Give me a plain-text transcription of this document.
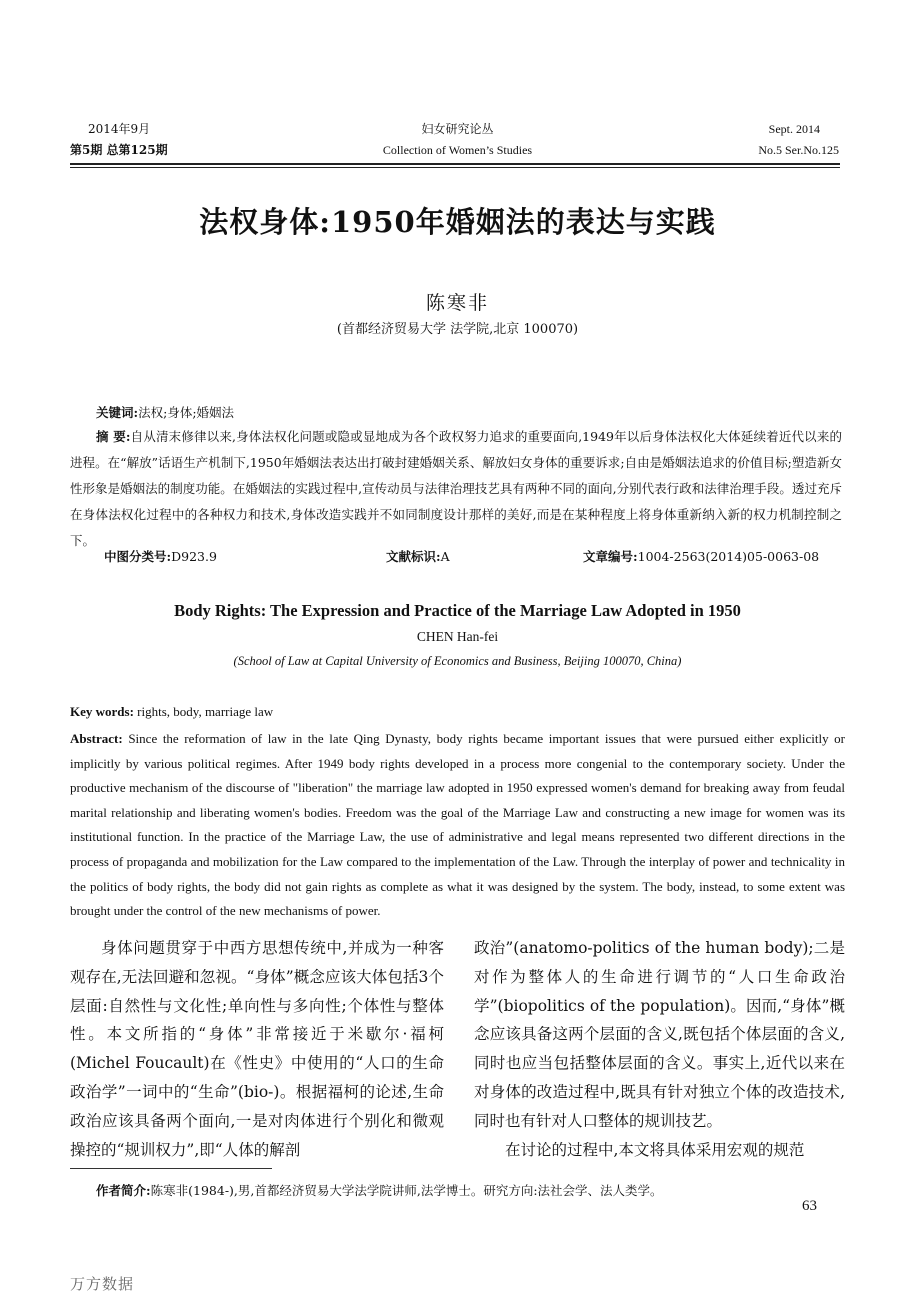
2014年9月
第5期 总第125期
妇女研究论丛
Collection of Women’s Studies
Sept. 2014
No.5 Ser.No.125
法权身体:1950年婚姻法的表达与实践
陈寒非
(首都经济贸易大学 法学院,北京 100070)
关键词:法权;身体;婚姻法
摘 要:自从清末修律以来,身体法权化问题或隐或显地成为各个政权努力追求的重要面向,1949年以后身体法权化大体延续着近代以来的进程。在“解放”话语生产机制下,1950年婚姻法表达出打破封建婚姻关系、解放妇女身体的重要诉求;自由是婚姻法追求的价值目标;塑造新女性形象是婚姻法的制度功能。在婚姻法的实践过程中,宣传动员与法律治理技艺具有两种不同的面向,分别代表行政和法律治理手段。透过充斥在身体法权化过程中的各种权力和技术,身体改造实践并不如同制度设计那样的美好,而是在某种程度上将身体重新纳入新的权力机制控制之下。
中图分类号:D923.9	文献标识:A	文章编号:1004-2563(2014)05-0063-08
Body Rights: The Expression and Practice of the Marriage Law Adopted in 1950
CHEN Han-fei
(School of Law at Capital University of Economics and Business, Beijing 100070, China)
Key words: rights, body, marriage law
Abstract: Since the reformation of law in the late Qing Dynasty, body rights became important issues that were pursued either explicitly or implicitly by various political regimes. After 1949 body rights developed in a process more congenial to the contemporary society. Under the productive mechanism of the discourse of "liberation" the marriage law adopted in 1950 expressed women's demand for breaking away from feudal marital relationship and liberating women's bodies. Freedom was the goal of the Marriage Law and constructing a new image for women was its institutional function. In the practice of the Marriage Law, the use of administrative and legal means represented two different directions in the process of propaganda and mobilization for the Law compared to the implementation of the Law. Through the interplay of power and technicality in the politics of body rights, the body did not gain rights as complete as what it was designed by the system. The body, instead, to some extent was brought under the control of the new mechanisms of power.

身体问题贯穿于中西方思想传统中,并成为一种客观存在,无法回避和忽视。“身体”概念应该大体包括3个层面:自然性与文化性;单向性与多向性;个体性与整体性。本文所指的“身体”非常接近于米歇尔·福柯(Michel Foucault)在《性史》中使用的“人口的生命政治学”一词中的“生命”(bio-)。根据福柯的论述,生命政治应该具备两个面向,一是对肉体进行个别化和微观操控的“规训权力”,即“人体的解剖

政治”(anatomo-politics of the human body);二是对作为整体人的生命进行调节的“人口生命政治学”(biopolitics of the population)。因而,“身体”概念应该具备这两个层面的含义,既包括个体层面的含义,同时也应当包括整体层面的含义。事实上,近代以来在对身体的改造过程中,既具有针对独立个体的改造技术,同时也有针对人口整体的规训技艺。

在讨论的过程中,本文将具体采用宏观的规范

作者简介:陈寒非(1984-),男,首都经济贸易大学法学院讲师,法学博士。研究方向:法社会学、法人类学。
63
万方数据
